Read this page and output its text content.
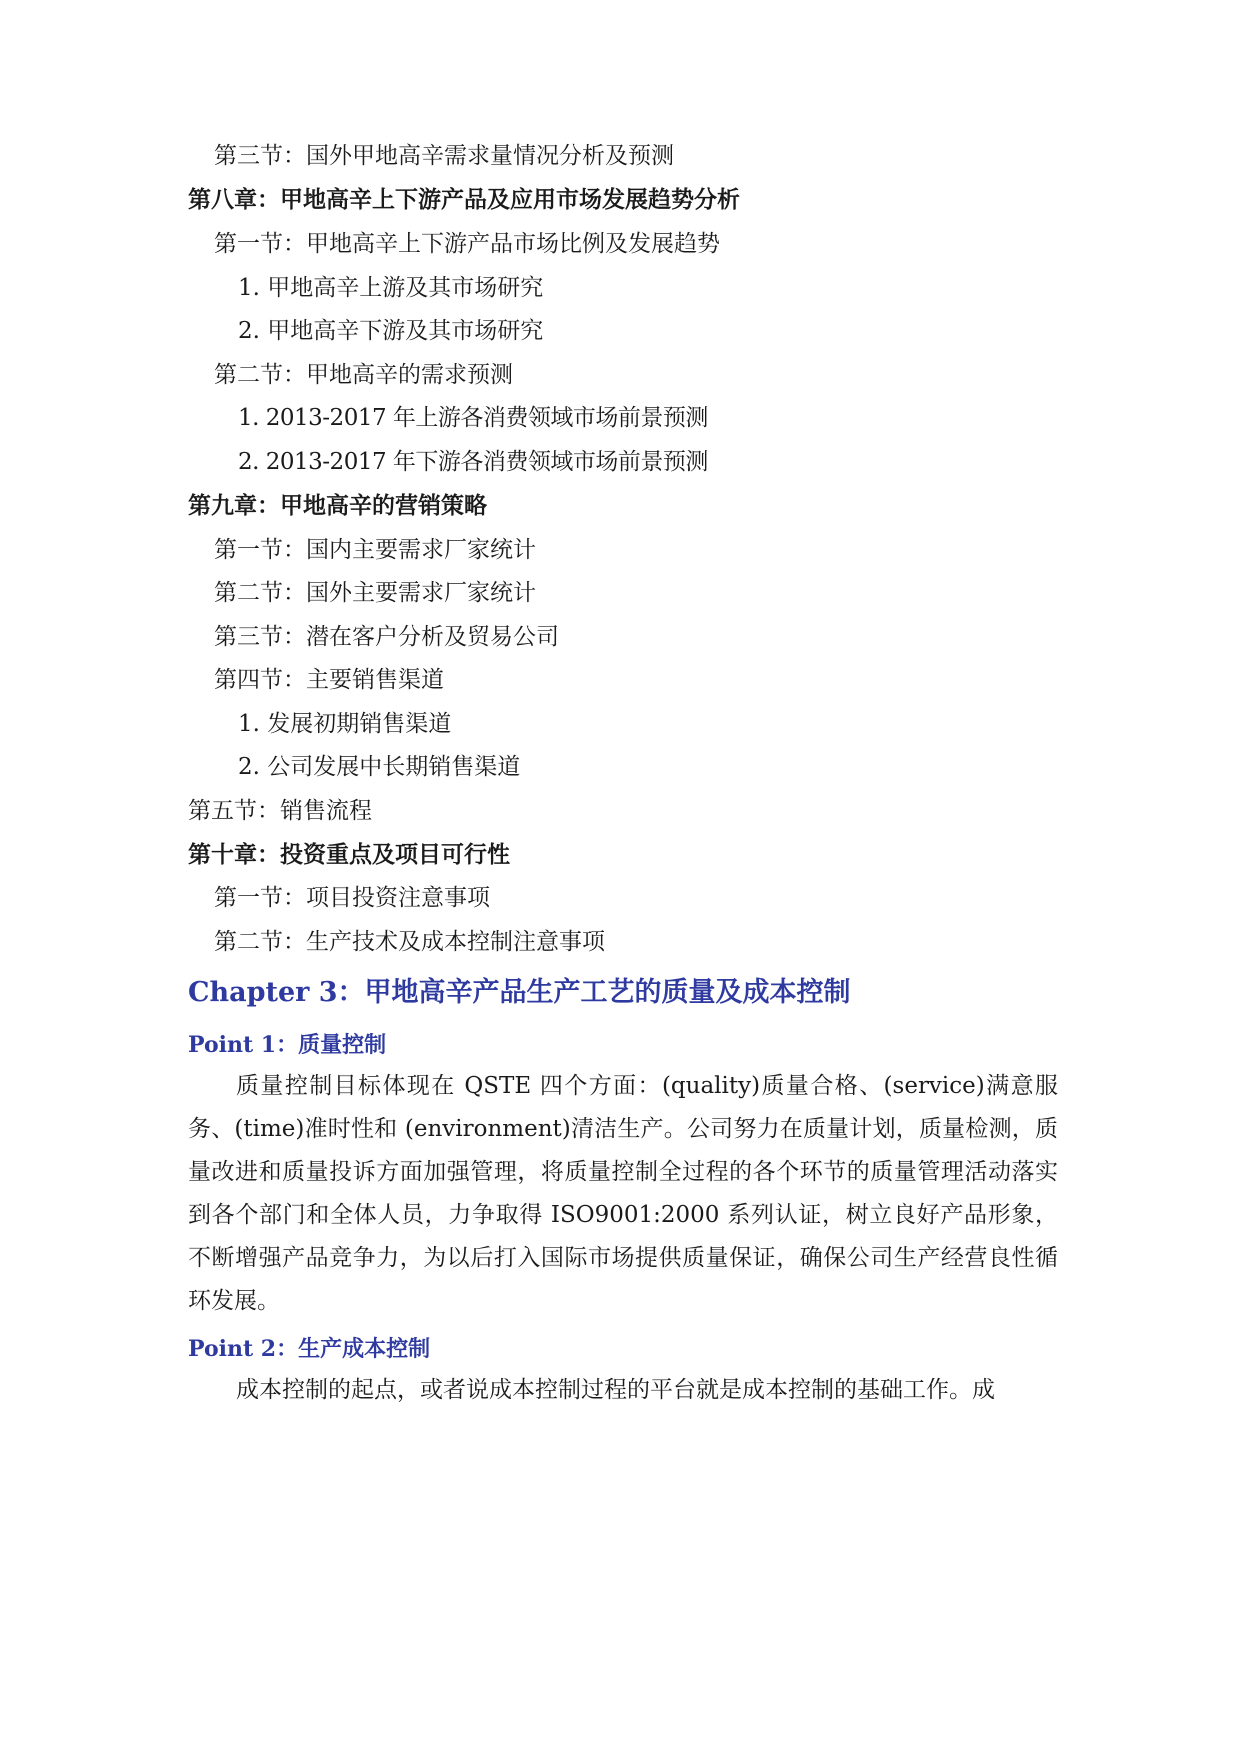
第三节：国外甲地高辛需求量情况分析及预测
第八章：甲地高辛上下游产品及应用市场发展趋势分析
第一节：甲地高辛上下游产品市场比例及发展趋势
1. 甲地高辛上游及其市场研究
2. 甲地高辛下游及其市场研究
第二节：甲地高辛的需求预测
1. 2013-2017 年上游各消费领域市场前景预测
2. 2013-2017 年下游各消费领域市场前景预测
第九章：甲地高辛的营销策略
第一节：国内主要需求厂家统计
第二节：国外主要需求厂家统计
第三节：潜在客户分析及贸易公司
第四节：主要销售渠道
1. 发展初期销售渠道
2. 公司发展中长期销售渠道
第五节：销售流程
第十章：投资重点及项目可行性
第一节：项目投资注意事项
第二节：生产技术及成本控制注意事项
Chapter 3：甲地高辛产品生产工艺的质量及成本控制
Point 1：质量控制

质量控制目标体现在 QSTE 四个方面：(quality)质量合格、(service)满意服务、(time)准时性和 (environment)清洁生产。公司努力在质量计划，质量检测，质量改进和质量投诉方面加强管理，将质量控制全过程的各个环节的质量管理活动落实到各个部门和全体人员，力争取得 ISO9001:2000 系列认证，树立良好产品形象，不断增强产品竞争力，为以后打入国际市场提供质量保证，确保公司生产经营良性循环发展。

Point 2：生产成本控制

成本控制的起点，或者说成本控制过程的平台就是成本控制的基础工作。成
